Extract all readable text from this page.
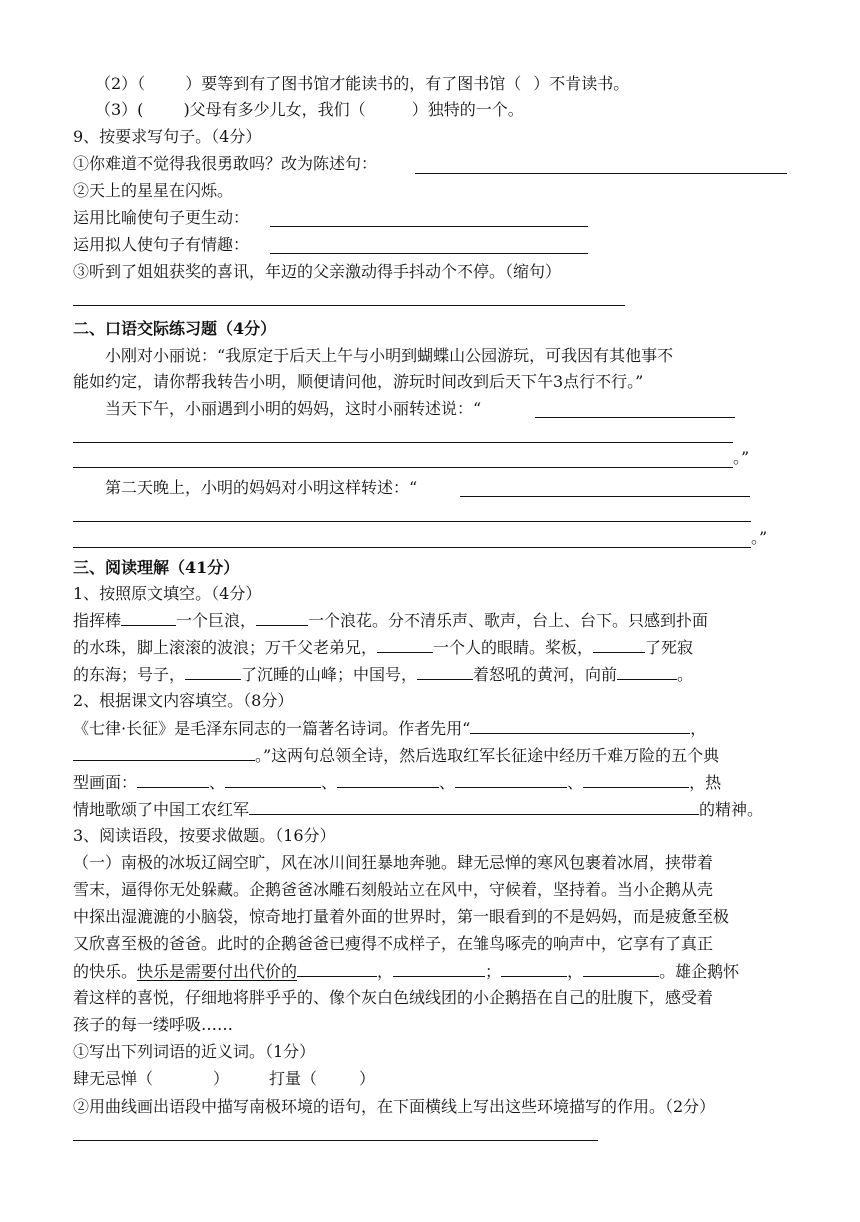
（2）（	）要等到有了图书馆才能读书的，有了图书馆（ ）不肯读书。
（3）(	)父母有多少儿女，我们（	）独特的一个。
9、按要求写句子。（4分）
①你难道不觉得我很勇敢吗？改为陈述句：
②天上的星星在闪烁。
运用比喻使句子更生动：
运用拟人使句子有情趣：
③听到了姐姐获奖的喜讯，年迈的父亲激动得手抖动个不停。（缩句）
二、口语交际练习题（4分）
小刚对小丽说：“我原定于后天上午与小明到蝴蝶山公园游玩，可我因有其他事不
能如约定，请你帮我转告小明，顺便请问他，游玩时间改到后天下午3点行不行。”
当天下午，小丽遇到小明的妈妈，这时小丽转述说：“
。”
第二天晚上，小明的妈妈对小明这样转述：“
。”
三、阅读理解（41分）
1、按照原文填空。（4分）
指挥棒	一个巨浪，	一个浪花。分不清乐声、歌声，台上、台下。只感到扑面
的水珠，脚上滚滚的波浪；万千父老弟兄，	一个人的眼睛。桨板，	了死寂
的东海；号子，	了沉睡的山峰；中国号，	着怒吼的黄河，向前	。
2、根据课文内容填空。（8分）
《七律·长征》是毛泽东同志的一篇著名诗词。作者先用“	，
。”这两句总领全诗，然后选取红军长征途中经历千难万险的五个典
型画面：	、	、	、	、	，热
情地歌颂了中国工农红军	的精神。
3、阅读语段，按要求做题。（16分）
（一）南极的冰坂辽阔空旷，风在冰川间狂暴地奔驰。肆无忌惮的寒风包裹着冰屑，挟带着
雪末，逼得你无处躲藏。企鹅爸爸冰雕石刻般站立在风中，守候着，坚持着。当小企鹅从壳
中探出湿漉漉的小脑袋，惊奇地打量着外面的世界时，第一眼看到的不是妈妈，而是疲惫至极
又欣喜至极的爸爸。此时的企鹅爸爸已瘦得不成样子，在雏鸟啄壳的响声中，它享有了真正
的快乐。快乐是需要付出代价的	，	；	，	。雄企鹅怀
着这样的喜悦，仔细地将胖乎乎的、像个灰白色绒线团的小企鹅捂在自己的肚腹下，感受着
孩子的每一缕呼吸……
①写出下列词语的近义词。（1分）
肆无忌惮（	）	打量（	）
②用曲线画出语段中描写南极环境的语句，在下面横线上写出这些环境描写的作用。（2分）
